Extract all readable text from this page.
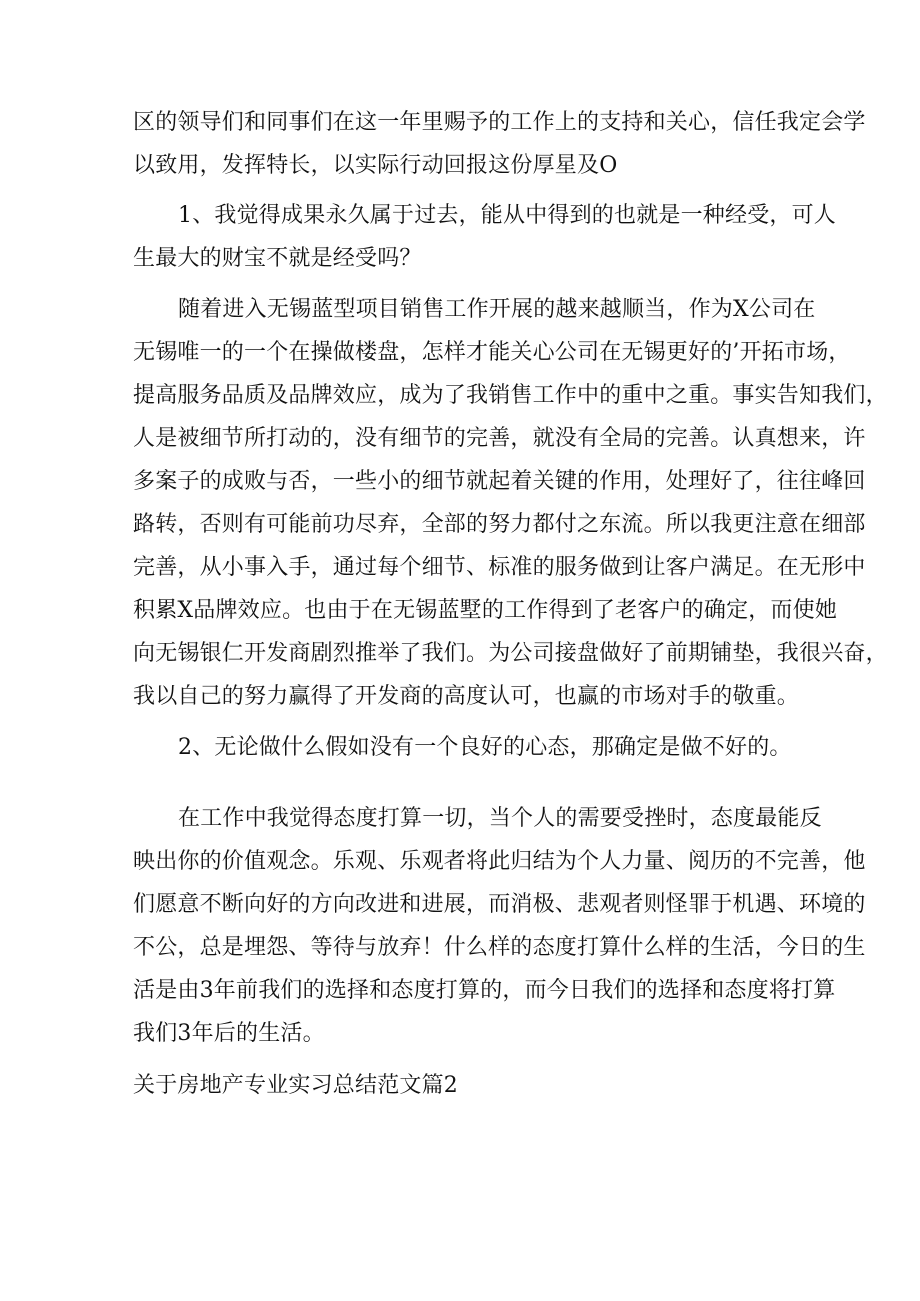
区的领导们和同事们在这一年里赐予的工作上的支持和关心，信任我定会学
以致用，发挥特长，以实际行动回报这份厚星及O
1、我觉得成果永久属于过去，能从中得到的也就是一种经受，可人
生最大的财宝不就是经受吗？
随着进入无锡蓝型项目销售工作开展的越来越顺当，作为X公司在
无锡唯一的一个在操做楼盘，怎样才能关心公司在无锡更好的’开拓市场，
提高服务品质及品牌效应，成为了我销售工作中的重中之重。事实告知我们，
人是被细节所打动的，没有细节的完善，就没有全局的完善。认真想来，许
多案子的成败与否，一些小的细节就起着关键的作用，处理好了，往往峰回
路转，否则有可能前功尽弃，全部的努力都付之东流。所以我更注意在细部
完善，从小事入手，通过每个细节、标准的服务做到让客户满足。在无形中
积累X品牌效应。也由于在无锡蓝墅的工作得到了老客户的确定，而使她
向无锡银仁开发商剧烈推举了我们。为公司接盘做好了前期铺垫，我很兴奋，
我以自己的努力赢得了开发商的高度认可，也赢的市场对手的敬重。
2、无论做什么假如没有一个良好的心态，那确定是做不好的。
在工作中我觉得态度打算一切，当个人的需要受挫时，态度最能反
映出你的价值观念。乐观、乐观者将此归结为个人力量、阅历的不完善，他
们愿意不断向好的方向改进和进展，而消极、悲观者则怪罪于机遇、环境的
不公，总是埋怨、等待与放弃！什么样的态度打算什么样的生活，今日的生
活是由3年前我们的选择和态度打算的，而今日我们的选择和态度将打算
我们3年后的生活。
关于房地产专业实习总结范文篇2
